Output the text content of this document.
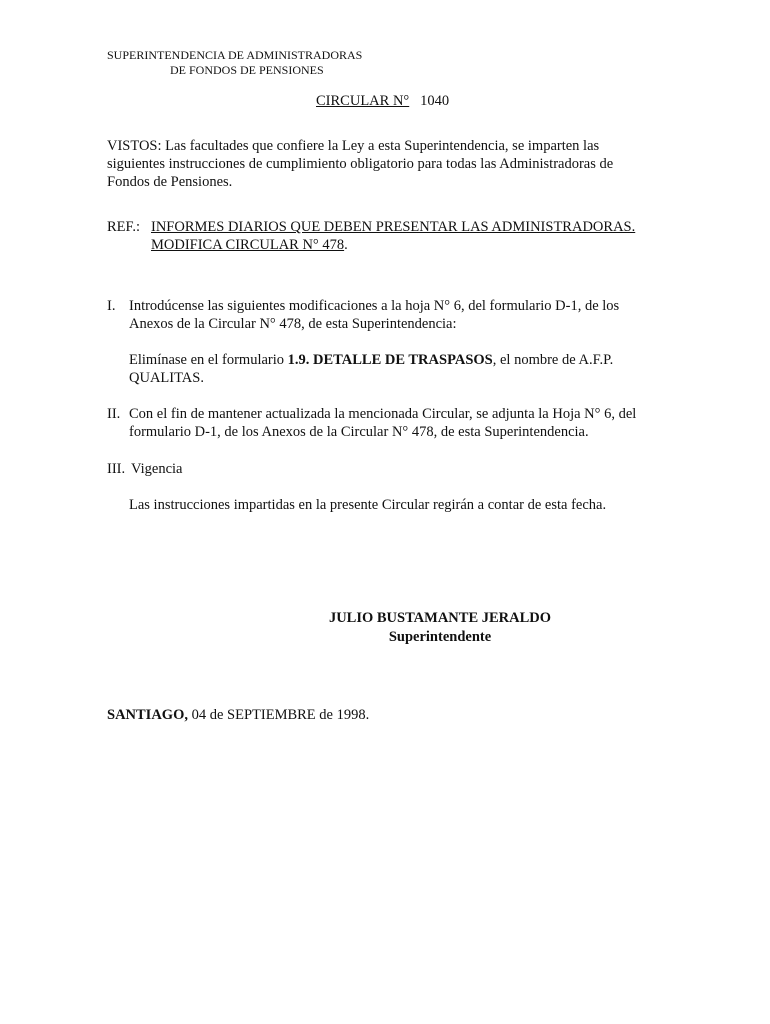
SUPERINTENDENCIA DE ADMINISTRADORAS
DE FONDOS DE PENSIONES
CIRCULAR N° 1040
VISTOS: Las facultades que confiere la Ley a esta Superintendencia, se imparten las
siguientes instrucciones de cumplimiento obligatorio para todas las Administradoras de
Fondos de Pensiones.
REF.: INFORMES DIARIOS QUE DEBEN PRESENTAR LAS ADMINISTRADORAS.
MODIFICA CIRCULAR N° 478.
I. Introdúcense las siguientes modificaciones a la hoja N° 6, del formulario D-1, de los
Anexos de la Circular N° 478, de esta Superintendencia:
Elimínase en el formulario 1.9. DETALLE DE TRASPASOS, el nombre de A.F.P.
QUALITAS.
II. Con el fin de mantener actualizada la mencionada Circular, se adjunta la Hoja N° 6, del
formulario D-1, de los Anexos de la Circular N° 478, de esta Superintendencia.
III. Vigencia
Las instrucciones impartidas en la presente Circular regirán a contar de esta fecha.
JULIO BUSTAMANTE JERALDO
Superintendente
SANTIAGO, 04 de SEPTIEMBRE de 1998.
